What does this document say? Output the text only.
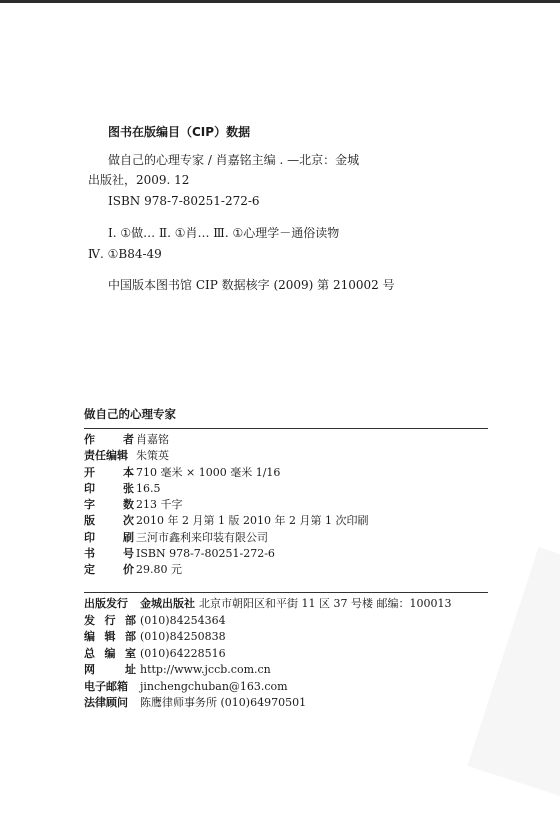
图书在版编目（CIP）数据
做自己的心理专家 / 肖嘉铭主编 . —北京：金城
出版社，2009. 12
ISBN 978-7-80251-272-6
Ⅰ. ①做… Ⅱ. ①肖… Ⅲ. ①心理学－通俗读物
Ⅳ. ①B84-49
中国版本图书馆 CIP 数据核字 (2009) 第 210002 号
做自己的心理专家
作	者 肖嘉铭
责任编辑 朱策英
开	本 710 毫米 × 1000 毫米 1/16
印	张 16.5
字	数 213 千字
版	次 2010 年 2 月第 1 版 2010 年 2 月第 1 次印刷
印	刷 三河市鑫利来印装有限公司
书	号 ISBN 978-7-80251-272-6
定	价 29.80 元
出版发行 金城出版社 北京市朝阳区和平街 11 区 37 号楼 邮编：100013
发 行 部 (010)84254364
编 辑 部 (010)84250838
总 编 室 (010)64228516
网	址 http://www.jccb.com.cn
电子邮箱 jinchengchuban@163.com
法律顾问 陈鹰律师事务所 (010)64970501
